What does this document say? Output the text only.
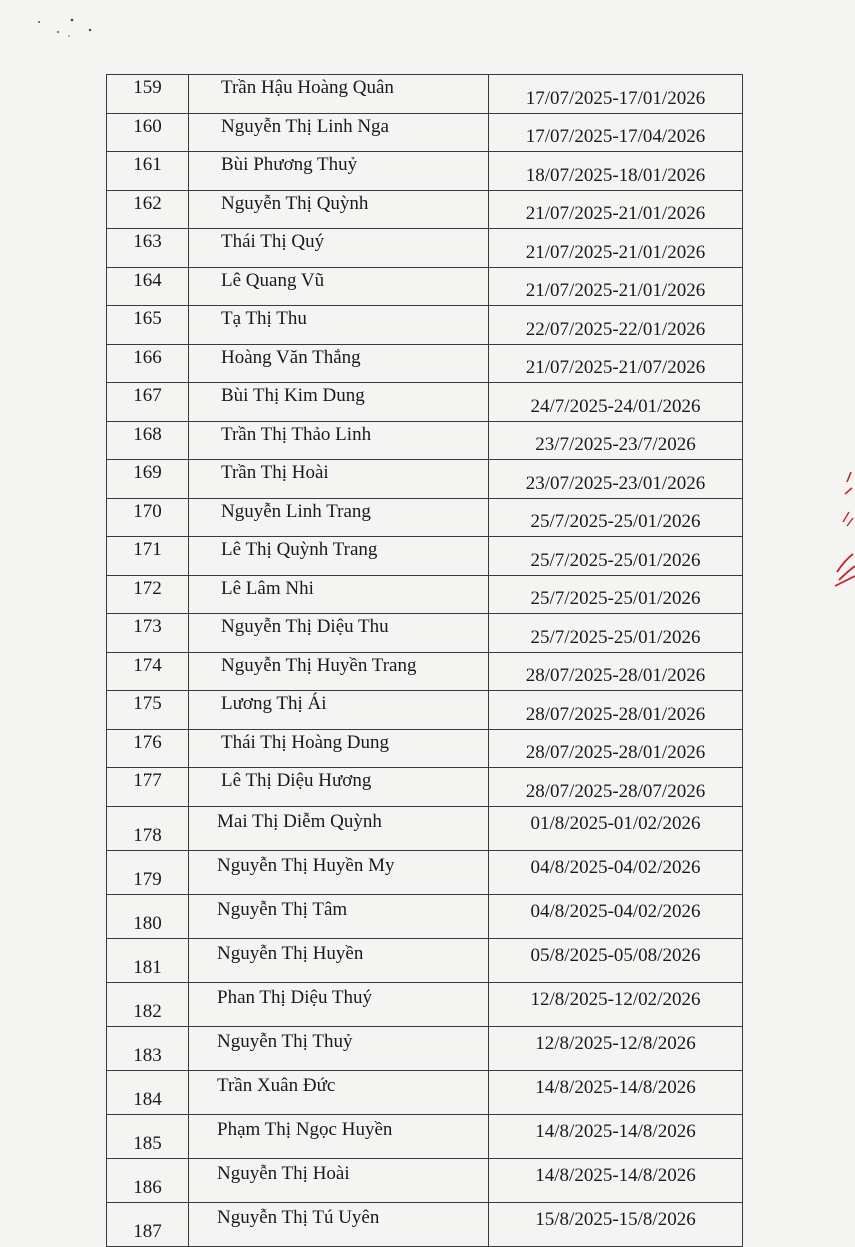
159	Trần Hậu Hoàng Quân	17/07/2025-17/01/2026
160	Nguyễn Thị Linh Nga	17/07/2025-17/04/2026
161	Bùi Phương Thuỷ	18/07/2025-18/01/2026
162	Nguyễn Thị Quỳnh	21/07/2025-21/01/2026
163	Thái Thị Quý	21/07/2025-21/01/2026
164	Lê Quang Vũ	21/07/2025-21/01/2026
165	Tạ Thị Thu	22/07/2025-22/01/2026
166	Hoàng Văn Thắng	21/07/2025-21/07/2026
167	Bùi Thị Kim Dung	24/7/2025-24/01/2026
168	Trần Thị Thảo Linh	23/7/2025-23/7/2026
169	Trần Thị Hoài	23/07/2025-23/01/2026
170	Nguyễn Linh Trang	25/7/2025-25/01/2026
171	Lê Thị Quỳnh Trang	25/7/2025-25/01/2026
172	Lê Lâm Nhi	25/7/2025-25/01/2026
173	Nguyễn Thị Diệu Thu	25/7/2025-25/01/2026
174	Nguyễn Thị Huyền Trang	28/07/2025-28/01/2026
175	Lương Thị Ái	28/07/2025-28/01/2026
176	Thái Thị Hoàng Dung	28/07/2025-28/01/2026
177	Lê Thị Diệu Hương	28/07/2025-28/07/2026
178	Mai Thị Diễm Quỳnh	01/8/2025-01/02/2026
179	Nguyễn Thị Huyền My	04/8/2025-04/02/2026
180	Nguyễn Thị Tâm	04/8/2025-04/02/2026
181	Nguyễn Thị Huyền	05/8/2025-05/08/2026
182	Phan Thị Diệu Thuý	12/8/2025-12/02/2026
183	Nguyễn Thị Thuỷ	12/8/2025-12/8/2026
184	Trần Xuân Đức	14/8/2025-14/8/2026
185	Phạm Thị Ngọc Huyền	14/8/2025-14/8/2026
186	Nguyễn Thị Hoài	14/8/2025-14/8/2026
187	Nguyễn Thị Tú Uyên	15/8/2025-15/8/2026
